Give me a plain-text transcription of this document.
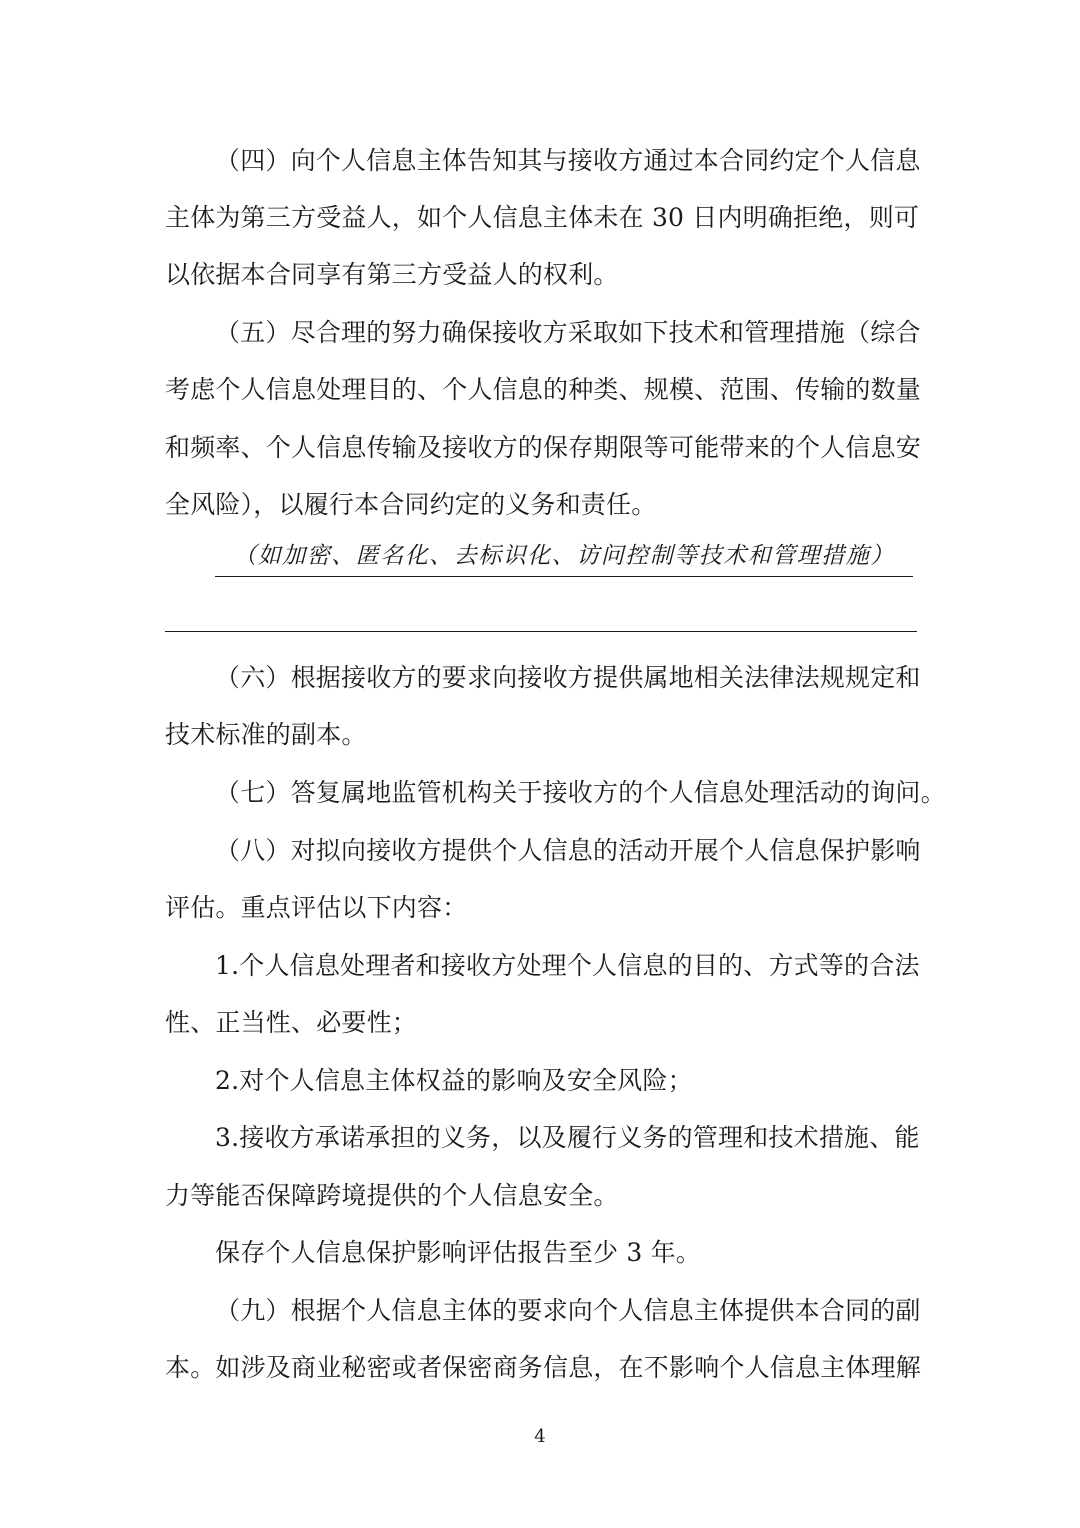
（四）向个人信息主体告知其与接收方通过本合同约定个人信息
主体为第三方受益人，如个人信息主体未在 30 日内明确拒绝，则可
以依据本合同享有第三方受益人的权利。
（五）尽合理的努力确保接收方采取如下技术和管理措施（综合
考虑个人信息处理目的、个人信息的种类、规模、范围、传输的数量
和频率、个人信息传输及接收方的保存期限等可能带来的个人信息安
全风险），以履行本合同约定的义务和责任。
（如加密、匿名化、去标识化、访问控制等技术和管理措施）
（六）根据接收方的要求向接收方提供属地相关法律法规规定和
技术标准的副本。
（七）答复属地监管机构关于接收方的个人信息处理活动的询问。
（八）对拟向接收方提供个人信息的活动开展个人信息保护影响
评估。重点评估以下内容：
1.个人信息处理者和接收方处理个人信息的目的、方式等的合法
性、正当性、必要性；
2.对个人信息主体权益的影响及安全风险；
3.接收方承诺承担的义务，以及履行义务的管理和技术措施、能
力等能否保障跨境提供的个人信息安全。
保存个人信息保护影响评估报告至少 3 年。
（九）根据个人信息主体的要求向个人信息主体提供本合同的副
本。如涉及商业秘密或者保密商务信息，在不影响个人信息主体理解
4
